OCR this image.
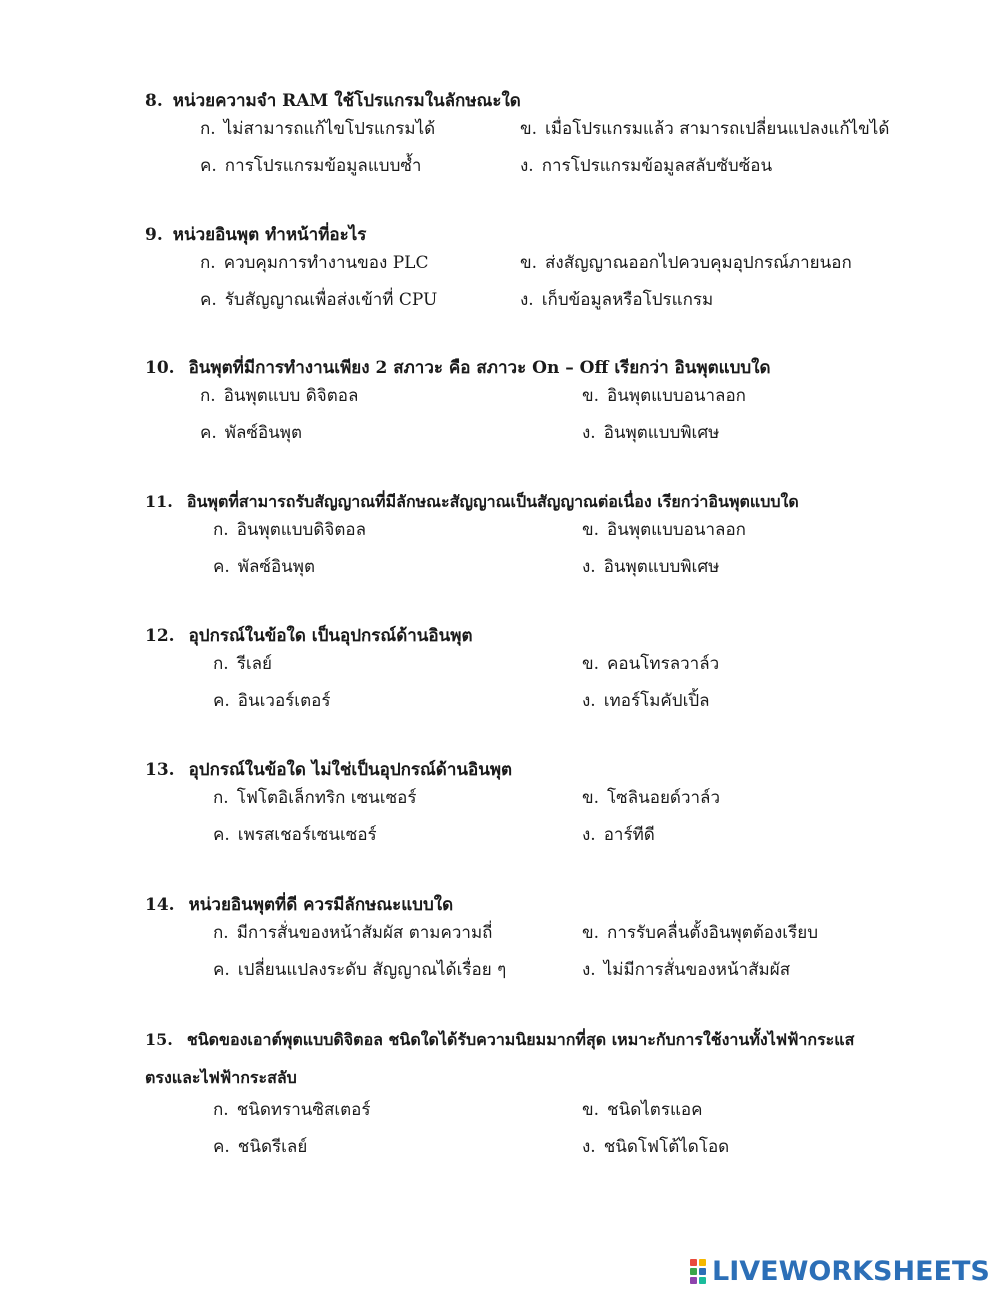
8. หน่วยความจำ RAM ใช้โปรแกรมในลักษณะใด
ก. ไม่สามารถแก้ไขโปรแกรมได้	ข. เมื่อโปรแกรมแล้ว สามารถเปลี่ยนแปลงแก้ไขได้
ค. การโปรแกรมข้อมูลแบบซ้ำ	ง. การโปรแกรมข้อมูลสลับซับซ้อน
9. หน่วยอินพุต ทำหน้าที่อะไร
ก. ควบคุมการทำงานของ PLC	ข. ส่งสัญญาณออกไปควบคุมอุปกรณ์ภายนอก
ค. รับสัญญาณเพื่อส่งเข้าที่ CPU	ง. เก็บข้อมูลหรือโปรแกรม
10. อินพุตที่มีการทำงานเพียง 2 สภาวะ คือ สภาวะ On – Off เรียกว่า อินพุตแบบใด
ก. อินพุตแบบ ดิจิตอล	ข. อินพุตแบบอนาลอก
ค. พัลซ์อินพุต	ง. อินพุตแบบพิเศษ
11. อินพุตที่สามารถรับสัญญาณที่มีลักษณะสัญญาณเป็นสัญญาณต่อเนื่อง เรียกว่าอินพุตแบบใด
ก. อินพุตแบบดิจิตอล	ข. อินพุตแบบอนาลอก
ค. พัลซ์อินพุต	ง. อินพุตแบบพิเศษ
12. อุปกรณ์ในข้อใด เป็นอุปกรณ์ด้านอินพุต
ก. รีเลย์	ข. คอนโทรลวาล์ว
ค. อินเวอร์เตอร์	ง. เทอร์โมคัปเปิ้ล
13. อุปกรณ์ในข้อใด ไม่ใช่เป็นอุปกรณ์ด้านอินพุต
ก. โฟโตอิเล็กทริก เซนเซอร์	ข. โซลินอยด์วาล์ว
ค. เพรสเชอร์เซนเซอร์	ง. อาร์ทีดี
14. หน่วยอินพุตที่ดี ควรมีลักษณะแบบใด
ก. มีการสั่นของหน้าสัมผัส ตามความถี่	ข. การรับคลื่นตั้งอินพุตต้องเรียบ
ค. เปลี่ยนแปลงระดับ สัญญาณได้เรื่อย ๆ	ง. ไม่มีการสั่นของหน้าสัมผัส
15. ชนิดของเอาต์พุตแบบดิจิตอล ชนิดใดได้รับความนิยมมากที่สุด เหมาะกับการใช้งานทั้งไฟฟ้ากระแสตรงและไฟฟ้ากระสลับ
ก. ชนิดทรานซิสเตอร์	ข. ชนิดไตรแอค
ค. ชนิดรีเลย์	ง. ชนิดโฟโต้ไดโอด
LIVEWORKSHEETS
